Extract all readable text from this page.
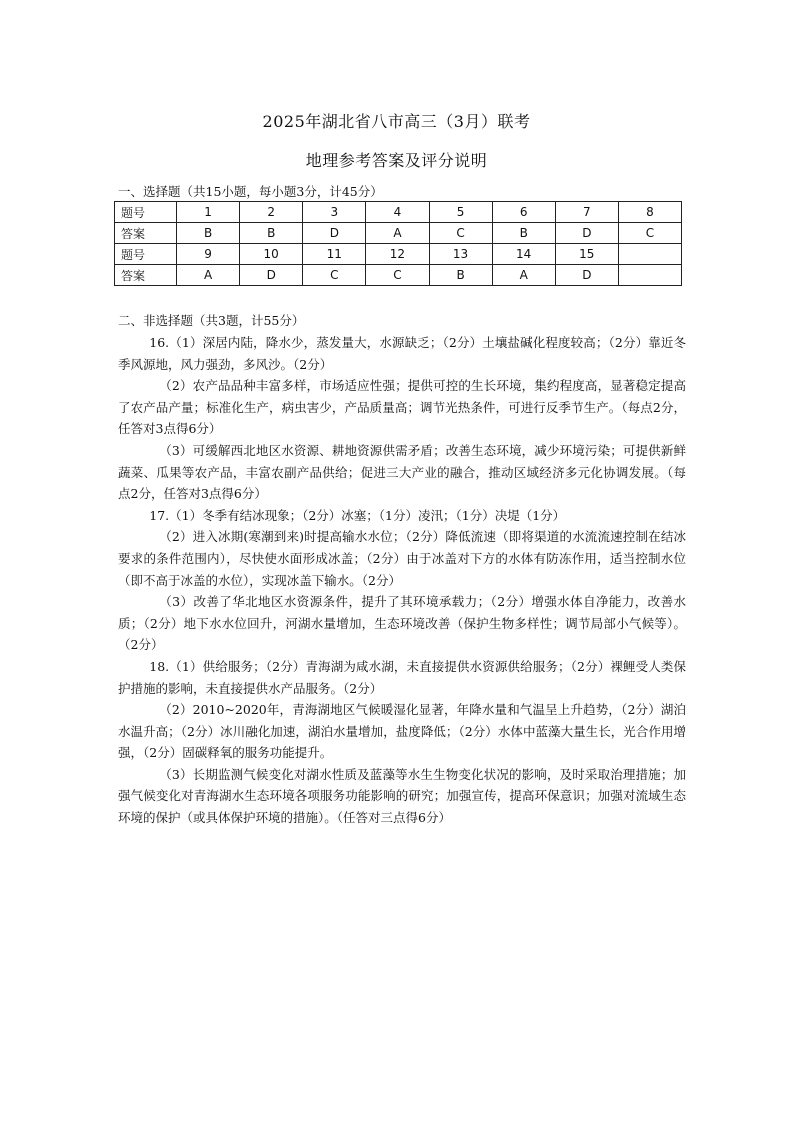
2025年湖北省八市高三（3月）联考
地理参考答案及评分说明
一、选择题（共15小题，每小题3分，计45分）
题号	1	2	3	4	5	6	7	8
答案	B	B	D	A	C	B	D	C
题号	9	10	11	12	13	14	15	
答案	A	D	C	C	B	A	D	
二、非选择题（共3题，计55分）

16.（1）深居内陆，降水少，蒸发量大，水源缺乏；（2分）土壤盐碱化程度较高；（2分）靠近冬季风源地，风力强劲，多风沙。（2分）

（2）农产品品种丰富多样，市场适应性强；提供可控的生长环境，集约程度高，显著稳定提高了农产品产量；标准化生产，病虫害少，产品质量高；调节光热条件，可进行反季节生产。（每点2分，任答对3点得6分）

（3）可缓解西北地区水资源、耕地资源供需矛盾；改善生态环境，减少环境污染；可提供新鲜蔬菜、瓜果等农产品，丰富农副产品供给；促进三大产业的融合，推动区域经济多元化协调发展。（每点2分，任答对3点得6分）

17.（1）冬季有结冰现象；（2分）冰塞；（1分）凌汛；（1分）决堤（1分）

（2）进入冰期(寒潮到来)时提高输水水位；（2分）降低流速（即将渠道的水流流速控制在结冰要求的条件范围内），尽快使水面形成冰盖；（2分）由于冰盖对下方的水体有防冻作用，适当控制水位（即不高于冰盖的水位），实现冰盖下输水。（2分）

（3）改善了华北地区水资源条件，提升了其环境承载力；（2分）增强水体自净能力，改善水质；（2分）地下水水位回升，河湖水量增加，生态环境改善（保护生物多样性；调节局部小气候等）。（2分）

18.（1）供给服务；（2分）青海湖为咸水湖，未直接提供水资源供给服务；（2分）裸鲤受人类保护措施的影响，未直接提供水产品服务。（2分）

（2）2010~2020年，青海湖地区气候暖湿化显著，年降水量和气温呈上升趋势，（2分）湖泊水温升高；（2分）冰川融化加速，湖泊水量增加，盐度降低；（2分）水体中蓝藻大量生长，光合作用增强，（2分）固碳释氧的服务功能提升。

（3）长期监测气候变化对湖水性质及蓝藻等水生生物变化状况的影响，及时采取治理措施；加强气候变化对青海湖水生态环境各项服务功能影响的研究；加强宣传，提高环保意识；加强对流域生态环境的保护（或具体保护环境的措施）。（任答对三点得6分）
